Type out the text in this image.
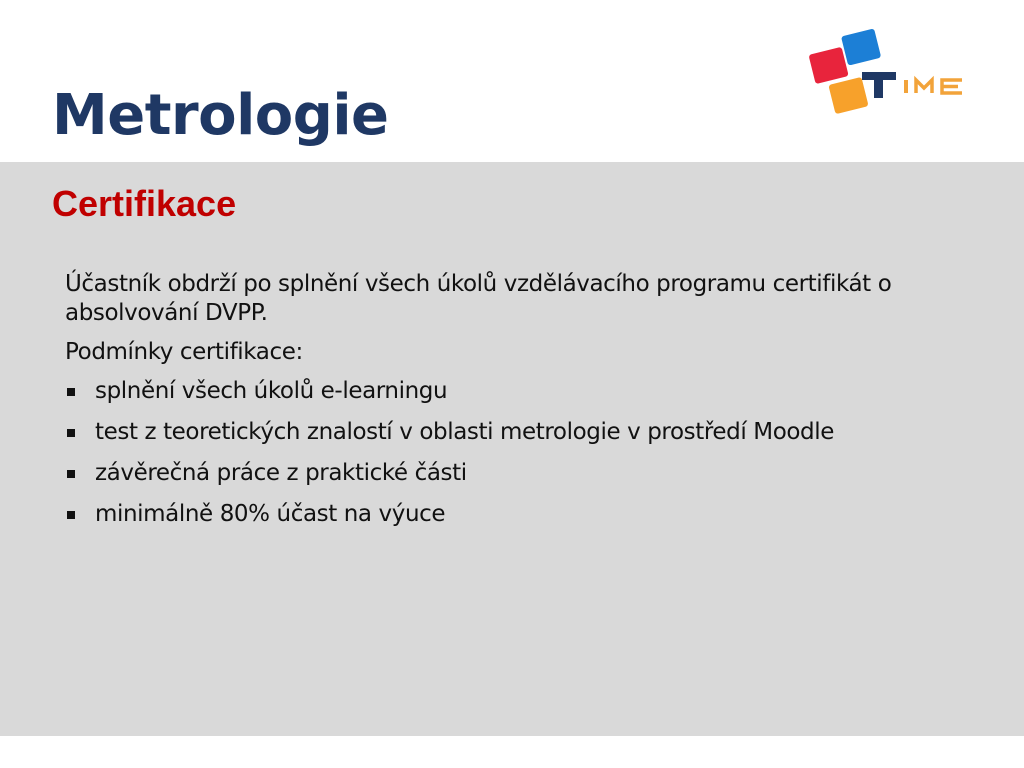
Metrologie
Certifikace

Účastník obdrží po splnění všech úkolů vzdělávacího programu certifikát o absolvování DVPP.

Podmínky certifikace:

splnění všech úkolů e-learningu
test z teoretických znalostí v oblasti metrologie v prostředí Moodle
závěrečná práce z praktické části
minimálně 80% účast na výuce
